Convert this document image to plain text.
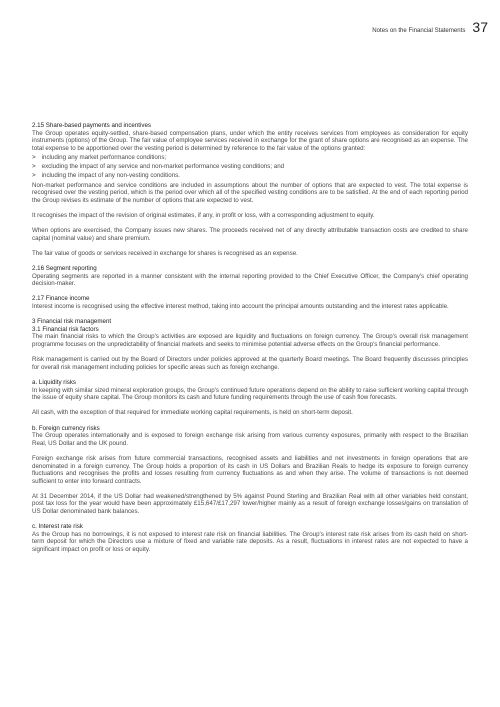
Notes on the Financial Statements 37

2.15 Share-based payments and incentives

The Group operates equity-settled, share-based compensation plans, under which the entity receives services from employees as consideration for equity instruments (options) of the Group. The fair value of employee services received in exchange for the grant of share options are recognised as an expense. The total expense to be apportioned over the vesting period is determined by reference to the fair value of the options granted:

> including any market performance conditions;
> excluding the impact of any service and non-market performance vesting conditions; and
> including the impact of any non-vesting conditions.

Non-market performance and service conditions are included in assumptions about the number of options that are expected to vest. The total expense is recognised over the vesting period, which is the period over which all of the specified vesting conditions are to be satisfied. At the end of each reporting period the Group revises its estimate of the number of options that are expected to vest.

It recognises the impact of the revision of original estimates, if any, in profit or loss, with a corresponding adjustment to equity.

When options are exercised, the Company issues new shares. The proceeds received net of any directly attributable transaction costs are credited to share capital (nominal value) and share premium.

The fair value of goods or services received in exchange for shares is recognised as an expense.

2.16 Segment reporting

Operating segments are reported in a manner consistent with the internal reporting provided to the Chief Executive Officer, the Company's chief operating decision-maker.

2.17 Finance income

Interest income is recognised using the effective interest method, taking into account the principal amounts outstanding and the interest rates applicable.

3 Financial risk management

3.1 Financial risk factors

The main financial risks to which the Group's activities are exposed are liquidity and fluctuations on foreign currency. The Group's overall risk management programme focuses on the unpredictability of financial markets and seeks to minimise potential adverse effects on the Group's financial performance.

Risk management is carried out by the Board of Directors under policies approved at the quarterly Board meetings. The Board frequently discusses principles for overall risk management including policies for specific areas such as foreign exchange.

a. Liquidity risks

In keeping with similar sized mineral exploration groups, the Group's continued future operations depend on the ability to raise sufficient working capital through the issue of equity share capital. The Group monitors its cash and future funding requirements through the use of cash flow forecasts.

All cash, with the exception of that required for immediate working capital requirements, is held on short-term deposit.

b. Foreign currency risks

The Group operates internationally and is exposed to foreign exchange risk arising from various currency exposures, primarily with respect to the Brazilian Real, US Dollar and the UK pound.

Foreign exchange risk arises from future commercial transactions, recognised assets and liabilities and net investments in foreign operations that are denominated in a foreign currency. The Group holds a proportion of its cash in US Dollars and Brazilian Reals to hedge its exposure to foreign currency fluctuations and recognises the profits and losses resulting from currency fluctuations as and when they arise. The volume of transactions is not deemed sufficient to enter into forward contracts.

At 31 December 2014, if the US Dollar had weakened/strengthened by 5% against Pound Sterling and Brazilian Real with all other variables held constant, post tax loss for the year would have been approximately £15,647/£17,297 lower/higher mainly as a result of foreign exchange losses/gains on translation of US Dollar denominated bank balances.

c. Interest rate risk

As the Group has no borrowings, it is not exposed to interest rate risk on financial liabilities. The Group's interest rate risk arises from its cash held on short-term deposit for which the Directors use a mixture of fixed and variable rate deposits. As a result, fluctuations in interest rates are not expected to have a significant impact on profit or loss or equity.
